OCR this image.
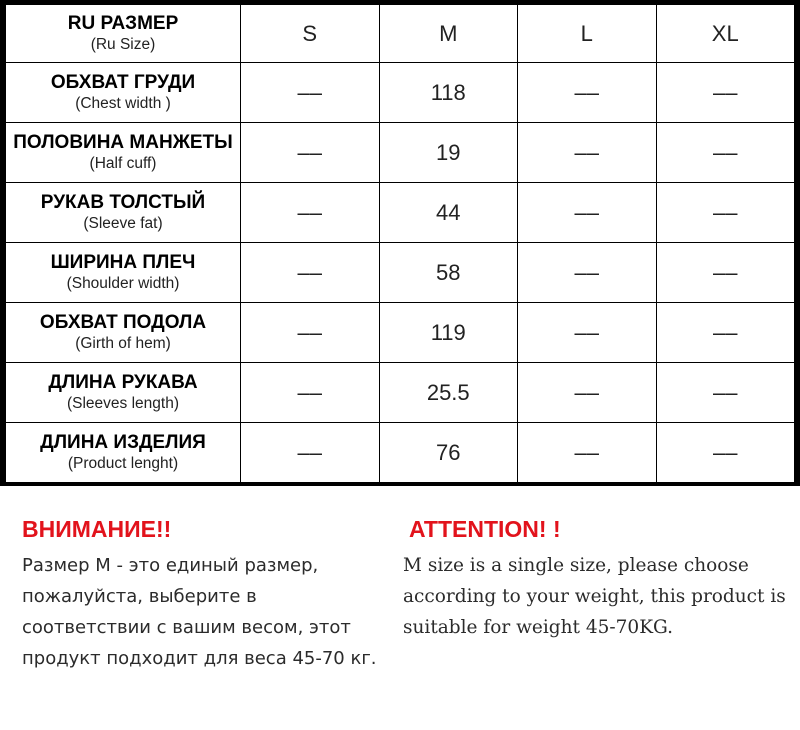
RU РАЗМЕР
(Ru Size)	S	M	L	XL

ОБХВАТ ГРУДИ
(Chest width )	––	118	––	––

ПОЛОВИНА МАНЖЕТЫ
(Half cuff)	––	19	––	––

РУКАВ ТОЛСТЫЙ
(Sleeve fat)	––	44	––	––

ШИРИНА ПЛЕЧ
(Shoulder width)	––	58	––	––

ОБХВАТ ПОДОЛА
(Girth of hem)	––	119	––	––

ДЛИНА РУКАВА
(Sleeves length)	––	25.5	––	––

ДЛИНА ИЗДЕЛИЯ
(Product lenght)	––	76	––	––
ВНИМАНИЕ!!
Размер M - это единый размер,
пожалуйста, выберите в
соответствии с вашим весом, этот
продукт подходит для веса 45-70 кг.
ATTENTION! !
M size is a single size, please choose
according to your weight, this product is
suitable for weight 45-70KG.
